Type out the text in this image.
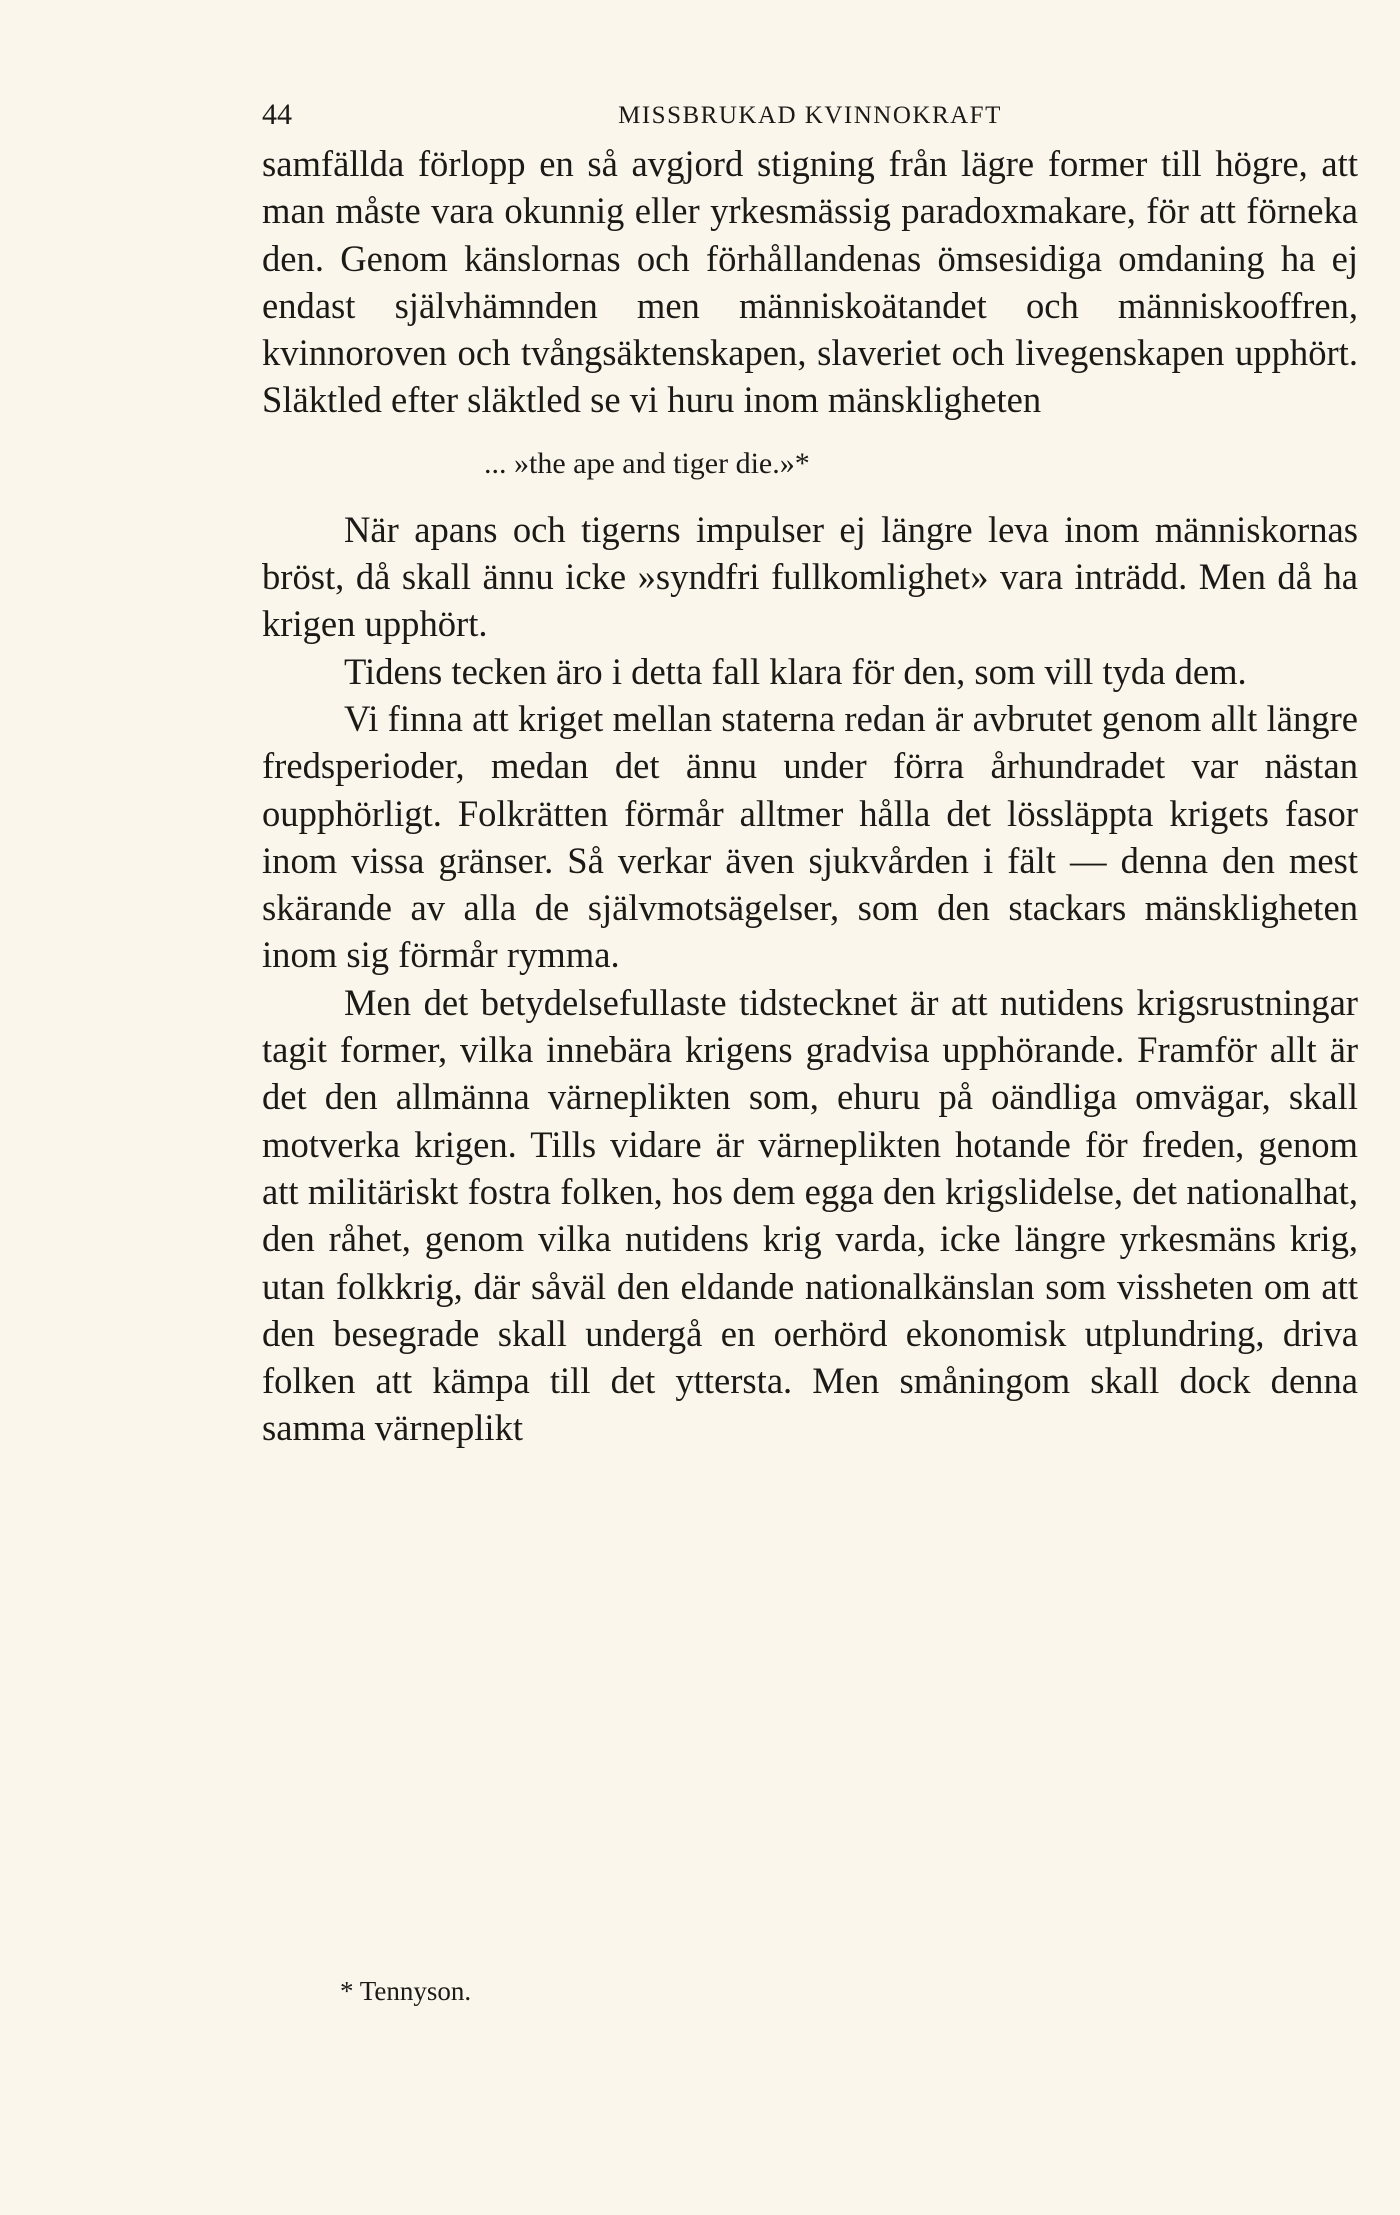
44	MISSBRUKAD KVINNOKRAFT

samfällda förlopp en så avgjord stigning från lägre former till högre, att man måste vara okunnig eller yrkesmässig paradoxmakare, för att förneka den. Genom känslornas och förhållandenas ömsesidiga omdaning ha ej endast självhämnden men människoätandet och människooffren, kvinnoroven och tvångsäktenskapen, slaveriet och livegenskapen upphört. Släktled efter släktled se vi huru inom mänskligheten

... »the ape and tiger die.»*

När apans och tigerns impulser ej längre leva inom människornas bröst, då skall ännu icke »syndfri fullkomlighet» vara inträdd. Men då ha krigen upphört.

Tidens tecken äro i detta fall klara för den, som vill tyda dem.

Vi finna att kriget mellan staterna redan är avbrutet genom allt längre fredsperioder, medan det ännu under förra århundradet var nästan oupphörligt. Folkrätten förmår alltmer hålla det lössläppta krigets fasor inom vissa gränser. Så verkar även sjukvården i fält — denna den mest skärande av alla de självmotsägelser, som den stackars mänskligheten inom sig förmår rymma.

Men det betydelsefullaste tidstecknet är att nutidens krigsrustningar tagit former, vilka innebära krigens gradvisa upphörande. Framför allt är det den allmänna värneplikten som, ehuru på oändliga omvägar, skall motverka krigen. Tills vidare är värneplikten hotande för freden, genom att militäriskt fostra folken, hos dem egga den krigslidelse, det nationalhat, den råhet, genom vilka nutidens krig varda, icke längre yrkesmäns krig, utan folkkrig, där såväl den eldande nationalkänslan som vissheten om att den besegrade skall undergå en oerhörd ekonomisk utplundring, driva folken att kämpa till det yttersta. Men småningom skall dock denna samma värneplikt

* Tennyson.
